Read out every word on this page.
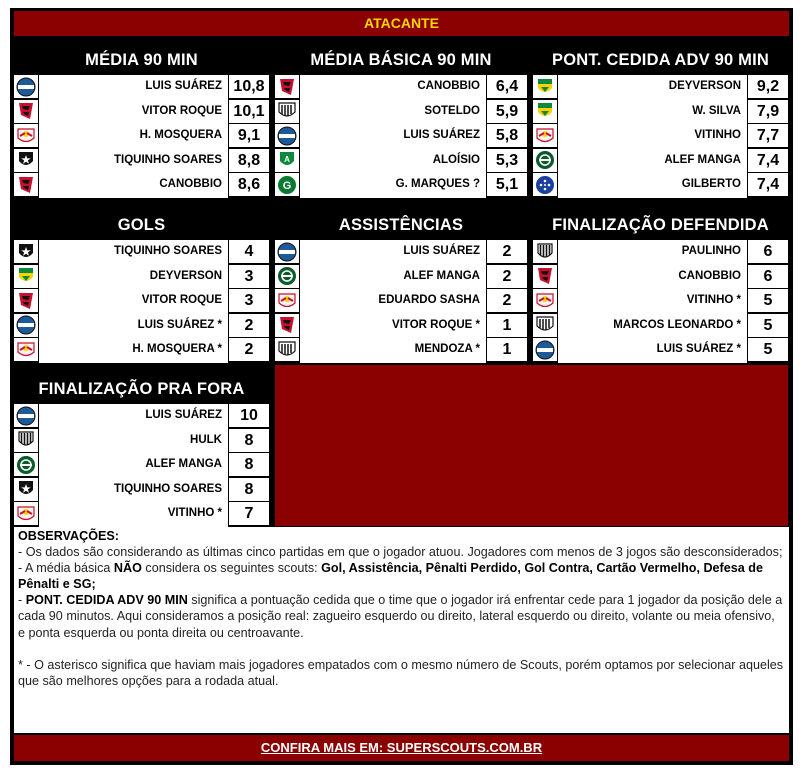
ATACANTE
MÉDIA 90 MIN
LUIS SUÁREZ 10,8
VITOR ROQUE 10,1
H. MOSQUERA 9,1
TIQUINHO SOARES 8,8
CANOBBIO 8,6
MÉDIA BÁSICA 90 MIN
CANOBBIO 6,4
SOTELDO 5,9
LUIS SUÁREZ 5,8
A	ALOÍSIO 5,3
G	G. MARQUES ? 5,1
PONT. CEDIDA ADV 90 MIN
DEYVERSON 9,2
W. SILVA 7,9
VITINHO 7,7
ALEF MANGA 7,4
GILBERTO 7,4
GOLS
TIQUINHO SOARES	4
DEYVERSON	3
VITOR ROQUE	3
LUIS SUÁREZ *	2
H. MOSQUERA *	2
ASSISTÊNCIAS
LUIS SUÁREZ	2
ALEF MANGA	2
EDUARDO SASHA	2
VITOR ROQUE *	1
MENDOZA *	1
FINALIZAÇÃO DEFENDIDA
PAULINHO	6
CANOBBIO	6
VITINHO *	5
MARCOS LEONARDO *	5
LUIS SUÁREZ *	5
FINALIZAÇÃO PRA FORA
LUIS SUÁREZ	10
HULK	8
ALEF MANGA	8
TIQUINHO SOARES	8
VITINHO *	7
OBSERVAÇÕES:
- Os dados são considerando as últimas cinco partidas em que o jogador atuou. Jogadores com menos de 3 jogos são desconsiderados;
- A média básica NÃO considera os seguintes scouts: Gol, Assistência, Pênalti Perdido, Gol Contra, Cartão Vermelho, Defesa de Pênalti e SG;
- PONT. CEDIDA ADV 90 MIN significa a pontuação cedida que o time que o jogador irá enfrentar cede para 1 jogador da posição dele a cada 90 minutos. Aqui consideramos a posição real: zagueiro esquerdo ou direito, lateral esquerdo ou direito, volante ou meia ofensivo, e ponta esquerda ou ponta direita ou centroavante.
* - O asterisco significa que haviam mais jogadores empatados com o mesmo número de Scouts, porém optamos por selecionar aqueles que são melhores opções para a rodada atual.
CONFIRA MAIS EM: SUPERSCOUTS.COM.BR
